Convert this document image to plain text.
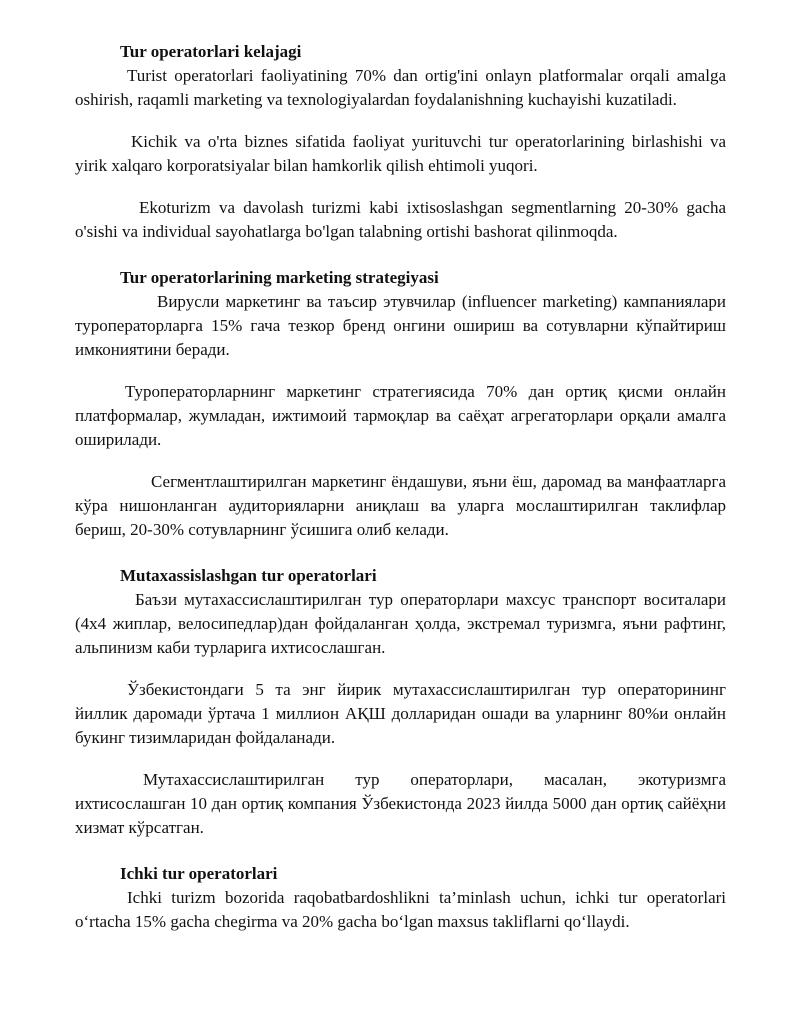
Tur operatorlari kelajagi

Turist operatorlari faoliyatining 70% dan ortig'ini onlayn platformalar orqali amalga oshirish, raqamli marketing va texnologiyalardan foydalanishning kuchayishi kuzatiladi.

Kichik va o'rta biznes sifatida faoliyat yurituvchi tur operatorlarining birlashishi va yirik xalqaro korporatsiyalar bilan hamkorlik qilish ehtimoli yuqori.

Ekoturizm va davolash turizmi kabi ixtisoslashgan segmentlarning 20-30% gacha o'sishi va individual sayohatlarga bo'lgan talabning ortishi bashorat qilinmoqda.

Tur operatorlarining marketing strategiyasi

Вирусли маркетинг ва таъсир этувчилар (influencer marketing) кампаниялари туроператорларга 15% гача тезкор бренд онгини ошириш ва сотувларни кўпайтириш имкониятини беради.

Туроператорларнинг маркетинг стратегиясида 70% дан ортиқ қисми онлайн платформалар, жумладан, ижтимоий тармоқлар ва саёҳат агрегаторлари орқали амалга оширилади.

Сегментлаштирилган маркетинг ёндашуви, яъни ёш, даромад ва манфаатларга кўра нишонланган аудиторияларни аниқлаш ва уларга мослаштирилган таклифлар бериш, 20-30% сотувларнинг ўсишига олиб келади.

Mutaxassislashgan tur operatorlari

Баъзи мутахассислаштирилган тур операторлари махсус транспорт воситалари (4x4 жиплар, велосипедлар)дан фойдаланган ҳолда, экстремал туризмга, яъни рафтинг, альпинизм каби турларига ихтисослашган.

Ўзбекистондаги 5 та энг йирик мутахассислаштирилган тур операторининг йиллик даромади ўртача 1 миллион АҚШ долларидан ошади ва уларнинг 80%и онлайн букинг тизимларидан фойдаланади.

Мутахассислаштирилган тур операторлари, масалан, экотуризмга ихтисослашган 10 дан ортиқ компания Ўзбекистонда 2023 йилда 5000 дан ортиқ сайёҳни хизмат кўрсатган.

Ichki tur operatorlari

Ichki turizm bozorida raqobatbardoshlikni ta’minlash uchun, ichki tur operatorlari o‘rtacha 15% gacha chegirma va 20% gacha bo‘lgan maxsus takliflarni qo‘llaydi.
